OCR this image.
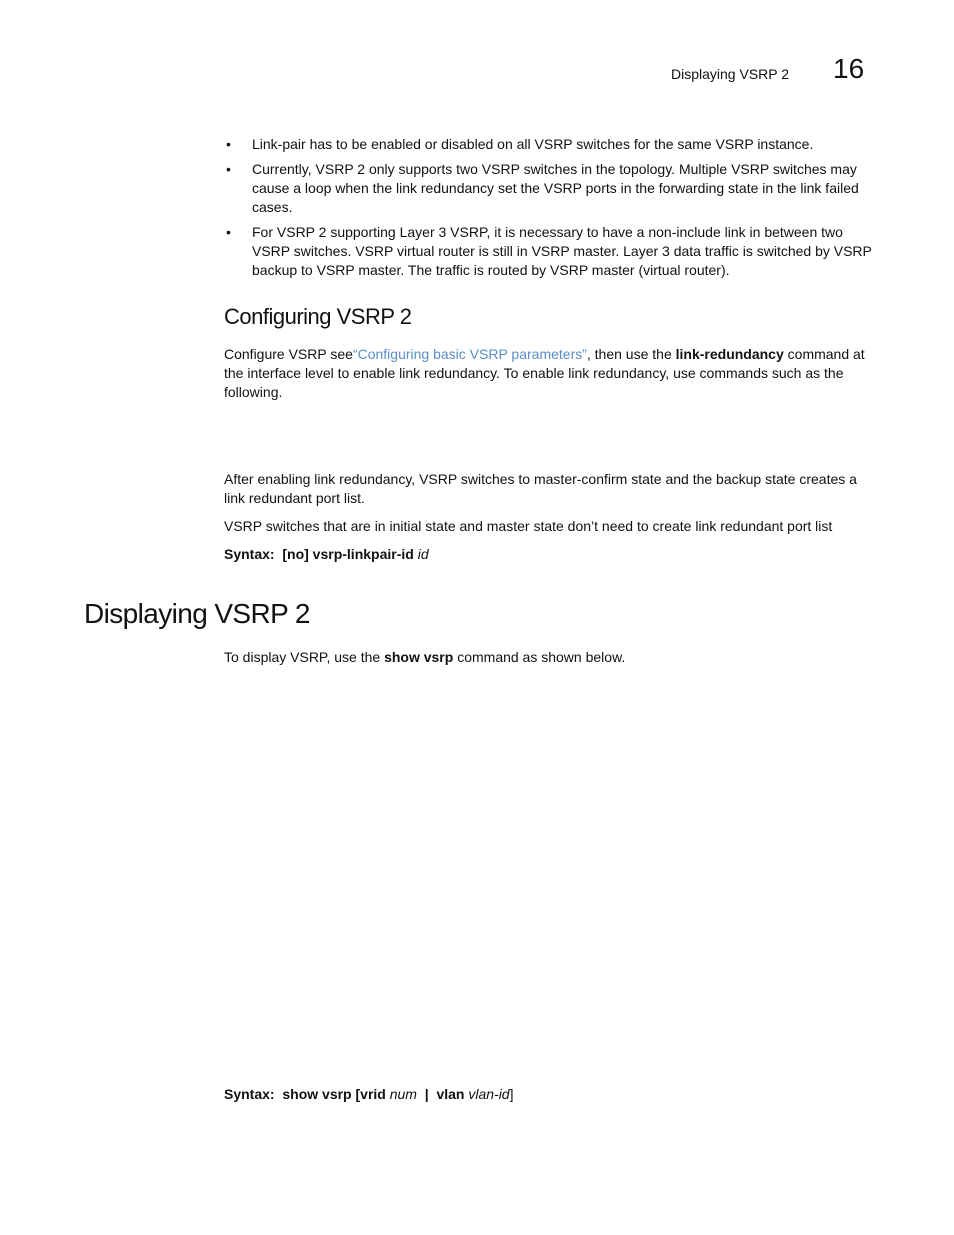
Displaying VSRP 2 16
• Link-pair has to be enabled or disabled on all VSRP switches for the same VSRP instance.
• Currently, VSRP 2 only supports two VSRP switches in the topology. Multiple VSRP switches may cause a loop when the link redundancy set the VSRP ports in the forwarding state in the link failed cases.
• For VSRP 2 supporting Layer 3 VSRP, it is necessary to have a non-include link in between two VSRP switches. VSRP virtual router is still in VSRP master. Layer 3 data traffic is switched by VSRP backup to VSRP master. The traffic is routed by VSRP master (virtual router).
Configuring VSRP 2
Configure VSRP see“Configuring basic VSRP parameters”, then use the link-redundancy command at the interface level to enable link redundancy. To enable link redundancy, use commands such as the following.
After enabling link redundancy, VSRP switches to master-confirm state and the backup state creates a link redundant port list.
VSRP switches that are in initial state and master state don’t need to create link redundant port list
Syntax: [no] vsrp-linkpair-id id
Displaying VSRP 2
To display VSRP, use the show vsrp command as shown below.
Syntax: show vsrp [vrid num | vlan vlan-id]
